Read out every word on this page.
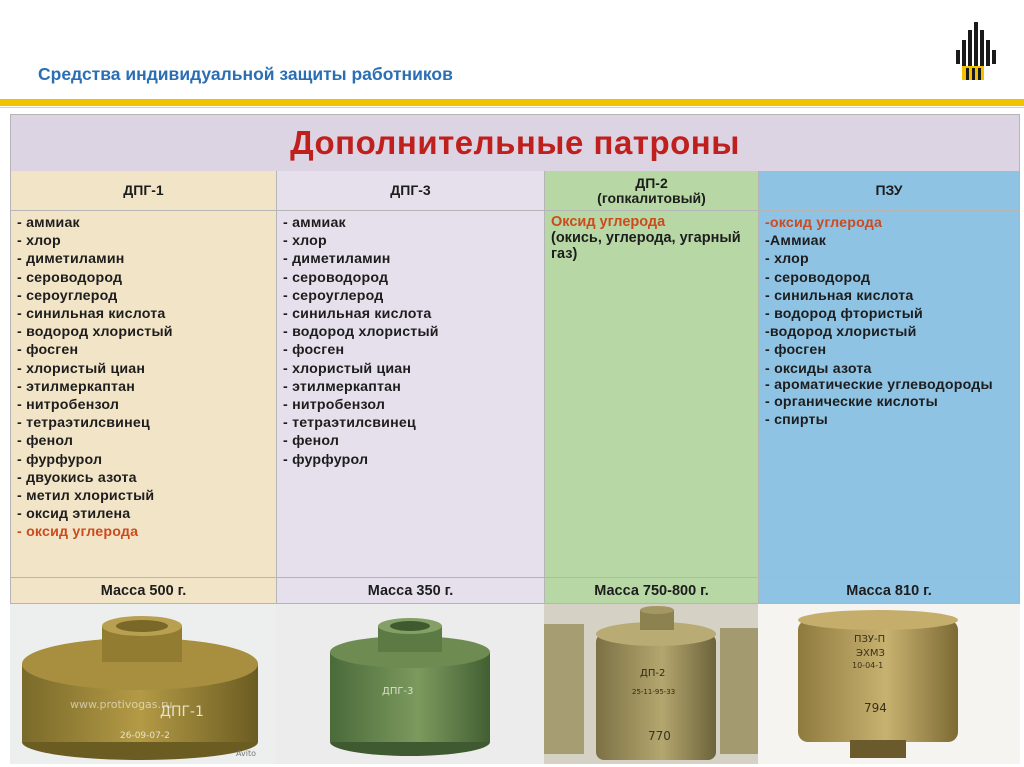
Средства индивидуальной защиты работников
Дополнительные патроны
ДПГ-1
- аммиак
- хлор
- диметиламин
- сероводород
- сероуглерод
- синильная кислота
- водород хлористый
- фосген
- хлористый циан
- этилмеркаптан
- нитробензол
- тетраэтилсвинец
- фенол
- фурфурол
- двуокись азота
- метил хлористый
- оксид этилена
- оксид углерода
Масса 500 г.
ДПГ-3
- аммиак
- хлор
- диметиламин
- сероводород
- сероуглерод
- синильная кислота
- водород хлористый
- фосген
- хлористый циан
- этилмеркаптан
- нитробензол
- тетраэтилсвинец
- фенол
- фурфурол
Масса 350 г.
ДП-2
(гопкалитовый)
Оксид углерода
(окись, углерода, угарный газ)
Масса 750-800 г.
ПЗУ
-оксид углерода
-Аммиак
- хлор
- сероводород
- синильная кислота
- водород фтористый
-водород хлористый
- фосген
- оксиды азота
- ароматические углеводороды
- органические кислоты
- спирты
Масса 810 г.
ДПГ-1
26-09-07-2
www.protivogas.ru
Avito
ДПГ-3
ДП-2
25-11-95-33
770
ПЗУ-П
ЭХМЗ
10-04-1
794
